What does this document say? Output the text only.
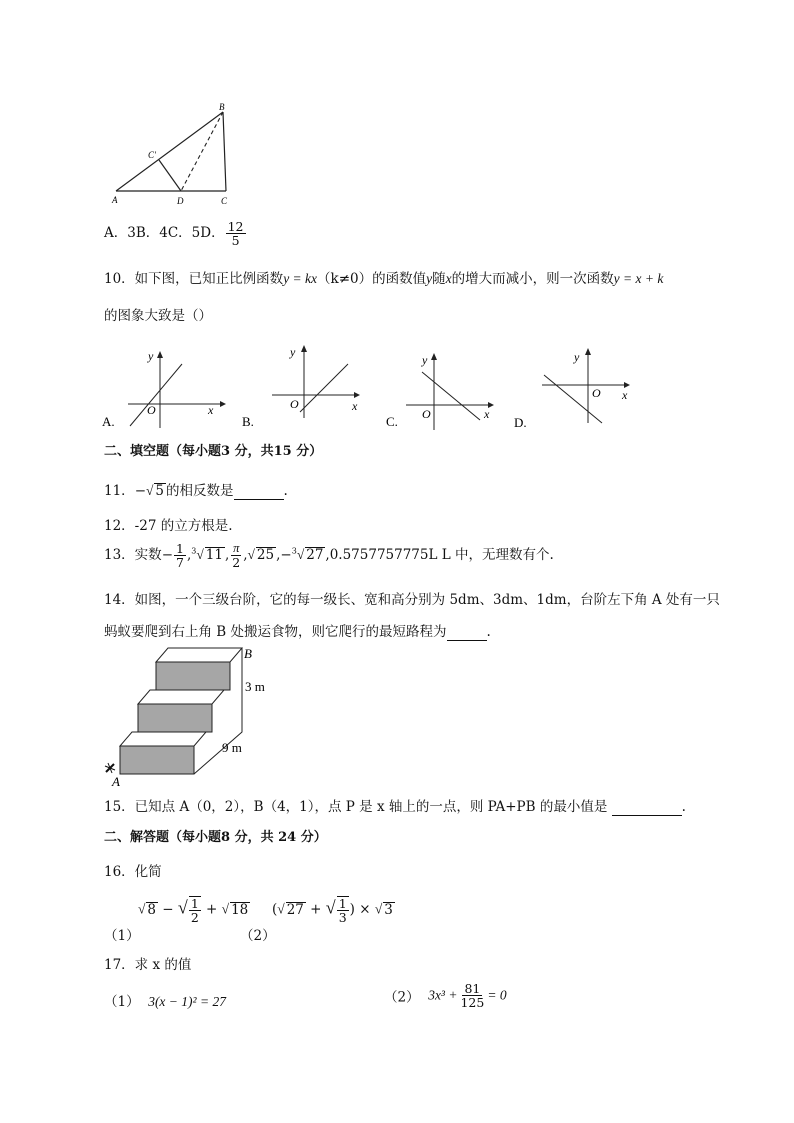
B
C′
A	D	C
A．3B．4C．5D． $\frac{12}{5}$
10．如下图，已知正比例函数y = kx（k≠0）的函数值y随x的增大而减小，则一次函数y = x + k
的图象大致是（）
A.
y
x
O
B.
y
x
O
C.
y
x
O
D.
y
x
O
二、填空题（每小题3 分，共15 分）
11．−√ 5 的相反数是	.
12．-27 的立方根是.
13．实数− $\frac{1}{7} ,^3√$ 11 , $\frac{\pi}{2}$ ,√ 25 ,−$^3$√ 27 ,0.5757757775L L 中，无理数有个.
14．如图，一个三级台阶，它的每一级长、宽和高分别为 5dm、3dm、1dm，台阶左下角 A 处有一只
蚂蚁要爬到右上角 B 处搬运食物，则它爬行的最短路程为	.
B
A
3 m
9 m
15．已知点 A（0，2），B（4，1），点 P 是 x 轴上的一点，则 PA+PB 的最小值是	.
二、解答题（每小题8 分，共 24 分）
16．化简
（1）
√ 8 − √ $\frac{1}{2}$ + √ 18
（2）
(√ 27 + √ $\frac{1}{3}$ ) × √ 3
17．求 x 的值
（1） 3(x − 1)² = 27	（2） $3x^3 + \frac{81}{125} = 0$
